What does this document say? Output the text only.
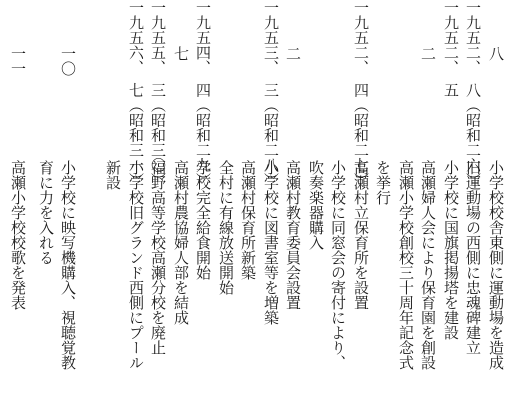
八
小学校校舎東側に運動場を造成
一九五二、　八（昭和二六）
旧運動場の西側に忠魂碑建立
一九五二、　五
小学校に国旗掲揚塔を建設
二
高瀬婦人会により保育園を創設
高瀬小学校創校三十周年記念式
を挙行
一九五二、　四（昭和二七）
高瀬村立保育所を設置
小学校に同窓会の寄付により、
吹奏楽器購入
二
高瀬村教育委員会設置
一九五三、　三（昭和二八）
小学校に図書室等を増築
高瀬村保育所新築
全村に有線放送開始
一九五四、　四（昭和二九）
学校完全給食開始
七
高瀬村農協婦人部を結成
一九五五、　三（昭和三〇）
福野高等学校高瀬分校を廃止
一九五六、　七（昭和三一）
小学校旧グランド西側にプール
新設
一〇
小学校に映写機購入、視聴覚教
育に力を入れる
一一
高瀬小学校校歌を発表
